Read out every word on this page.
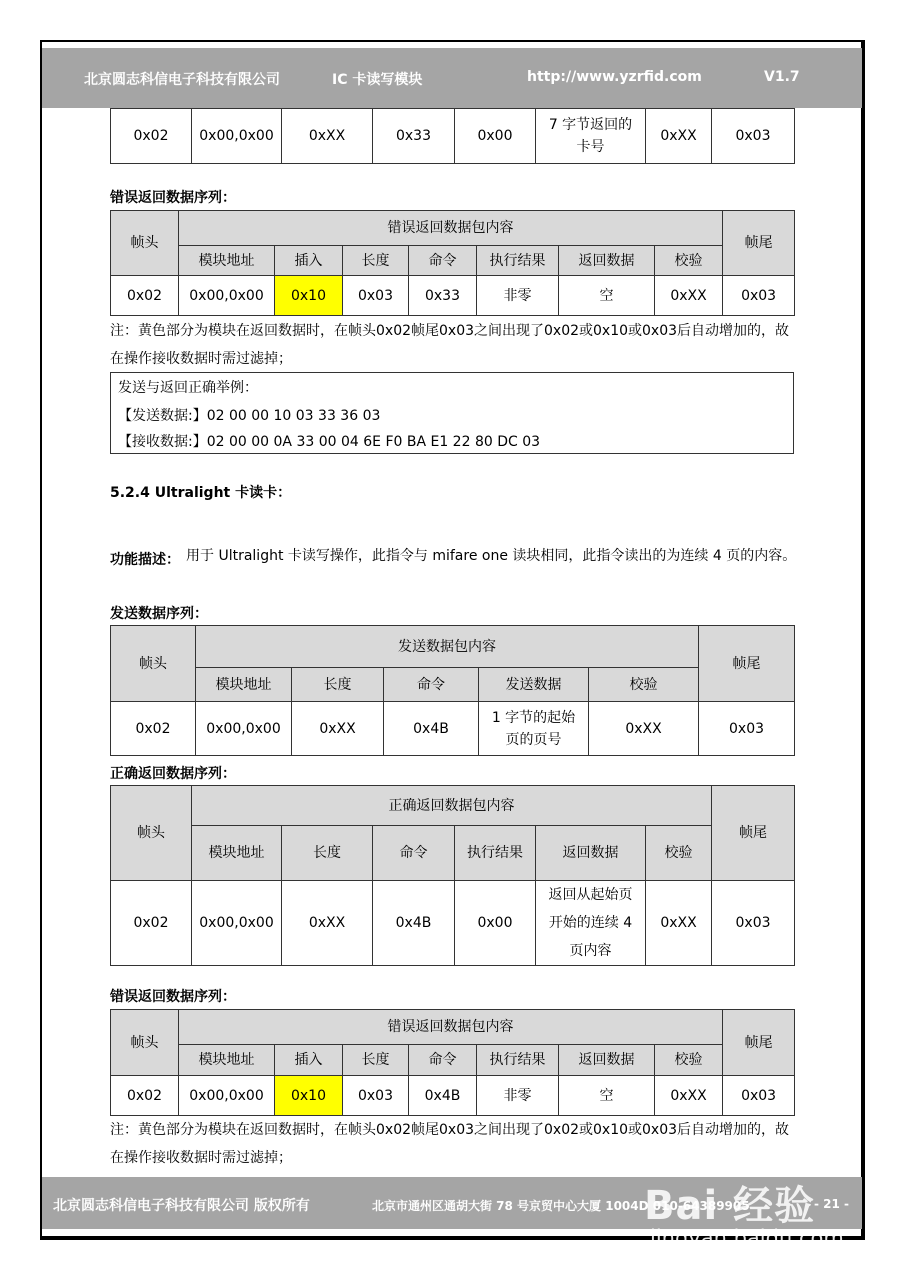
北京圆志科信电子科技有限公司	IC 卡读写模块	http://www.yzrfid.com	V1.7
0x02	0x00,0x00	0xXX	0x33	0x00	7 字节返回的卡号	0xXX	0x03
错误返回数据序列：
帧头	错误返回数据包内容							帧尾
	模块地址	插入	长度	命令	执行结果	返回数据	校验	
0x02	0x00,0x00	0x10	0x03	0x33	非零	空	0xXX	0x03
注：黄色部分为模块在返回数据时，在帧头0x02帧尾0x03之间出现了0x02或0x10或0x03后自动增加的，故在操作接收数据时需过滤掉；
发送与返回正确举例：
【发送数据:】02 00 00 10 03 33 36 03
【接收数据:】02 00 00 0A 33 00 04 6E F0 BA E1 22 80 DC 03
5.2.4 Ultralight 卡读卡：
功能描述： 用于 Ultralight 卡读写操作，此指令与 mifare one 读块相同，此指令读出的为连续 4 页的内容。
发送数据序列：
帧头	发送数据包内容					帧尾
	模块地址	长度	命令	发送数据	校验	
0x02	0x00,0x00	0xXX	0x4B	1 字节的起始页的页号	0xXX	0x03
正确返回数据序列：
帧头	正确返回数据包内容						帧尾
	模块地址	长度	命令	执行结果	返回数据	校验	
0x02	0x00,0x00	0xXX	0x4B	0x00	返回从起始页开始的连续 4 页内容	0xXX	0x03
错误返回数据序列：
帧头	错误返回数据包内容							帧尾
	模块地址	插入	长度	命令	执行结果	返回数据	校验	
0x02	0x00,0x00	0x10	0x03	0x4B	非零	空	0xXX	0x03
注：黄色部分为模块在返回数据时，在帧头0x02帧尾0x03之间出现了0x02或0x10或0x03后自动增加的，故在操作接收数据时需过滤掉；
北京圆志科信电子科技有限公司 版权所有	北京市通州区通胡大街 78 号京贸中心大厦 1004D 010-64389905	- 21 -
Bai 经验
jingyan.baidu.com
